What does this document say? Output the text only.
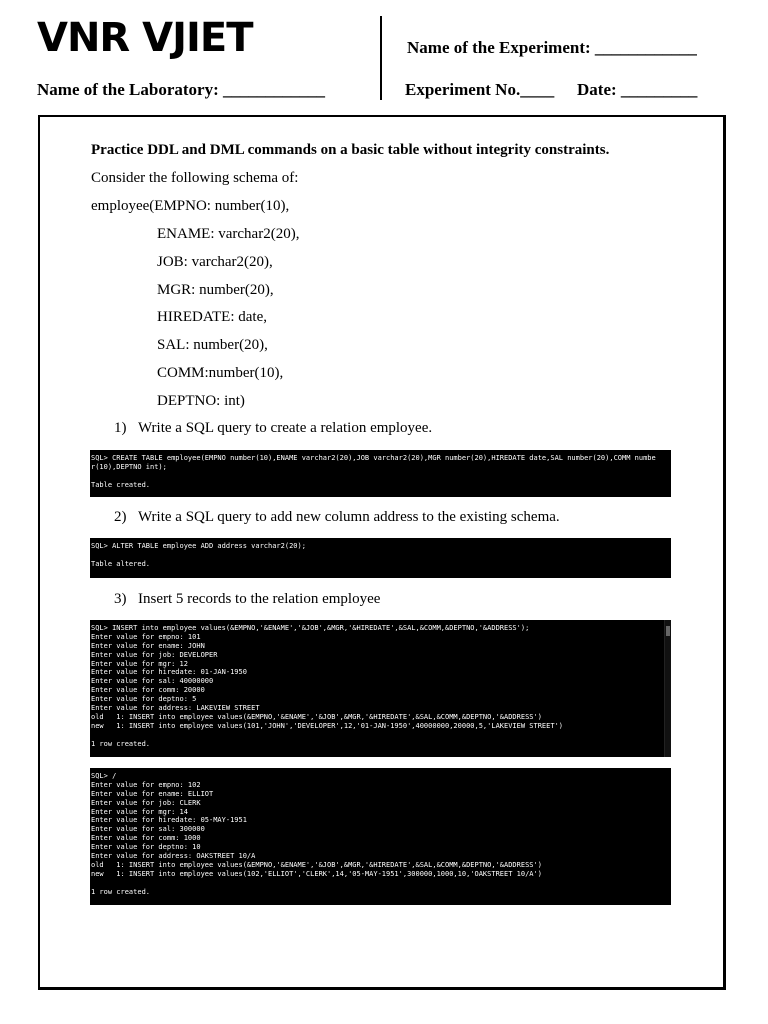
VNR VJIET	Name of the Experiment: ____________
Name of the Laboratory: ____________	Experiment No.____ Date: _________
Practice DDL and DML commands on a basic table without integrity constraints.
Consider the following schema of:
employee(EMPNO: number(10),
ENAME: varchar2(20),
JOB: varchar2(20),
MGR: number(20),
HIREDATE: date,
SAL: number(20),
COMM:number(10),
DEPTNO: int)

1)

Write a SQL query to create a relation employee.

SQL> CREATE TABLE employee(EMPNO number(10),ENAME varchar2(20),JOB varchar2(20),MGR number(20),HIREDATE date,SAL number(20),COMM numbe
r(10),DEPTNO int);
Table created.

2)

Write a SQL query to add new column address to the existing schema.

SQL> ALTER TABLE employee ADD address varchar2(20);
Table altered.

3)

Insert 5 records to the relation employee

SQL> INSERT into employee values(&EMPNO,'&ENAME','&JOB',&MGR,'&HIREDATE',&SAL,&COMM,&DEPTNO,'&ADDRESS');
Enter value for empno: 101
Enter value for ename: JOHN
Enter value for job: DEVELOPER
Enter value for mgr: 12
Enter value for hiredate: 01-JAN-1950
Enter value for sal: 40000000
Enter value for comm: 20000
Enter value for deptno: 5
Enter value for address: LAKEVIEW STREET
old   1: INSERT into employee values(&EMPNO,'&ENAME','&JOB',&MGR,'&HIREDATE',&SAL,&COMM,&DEPTNO,'&ADDRESS')
new   1: INSERT into employee values(101,'JOHN','DEVELOPER',12,'01-JAN-1950',40000000,20000,5,'LAKEVIEW STREET')
1 row created.
SQL> /
Enter value for empno: 102
Enter value for ename: ELLIOT
Enter value for job: CLERK
Enter value for mgr: 14
Enter value for hiredate: 05-MAY-1951
Enter value for sal: 300000
Enter value for comm: 1000
Enter value for deptno: 10
Enter value for address: OAKSTREET 10/A
old   1: INSERT into employee values(&EMPNO,'&ENAME','&JOB',&MGR,'&HIREDATE',&SAL,&COMM,&DEPTNO,'&ADDRESS')
new   1: INSERT into employee values(102,'ELLIOT','CLERK',14,'05-MAY-1951',300000,1000,10,'OAKSTREET 10/A')
1 row created.
